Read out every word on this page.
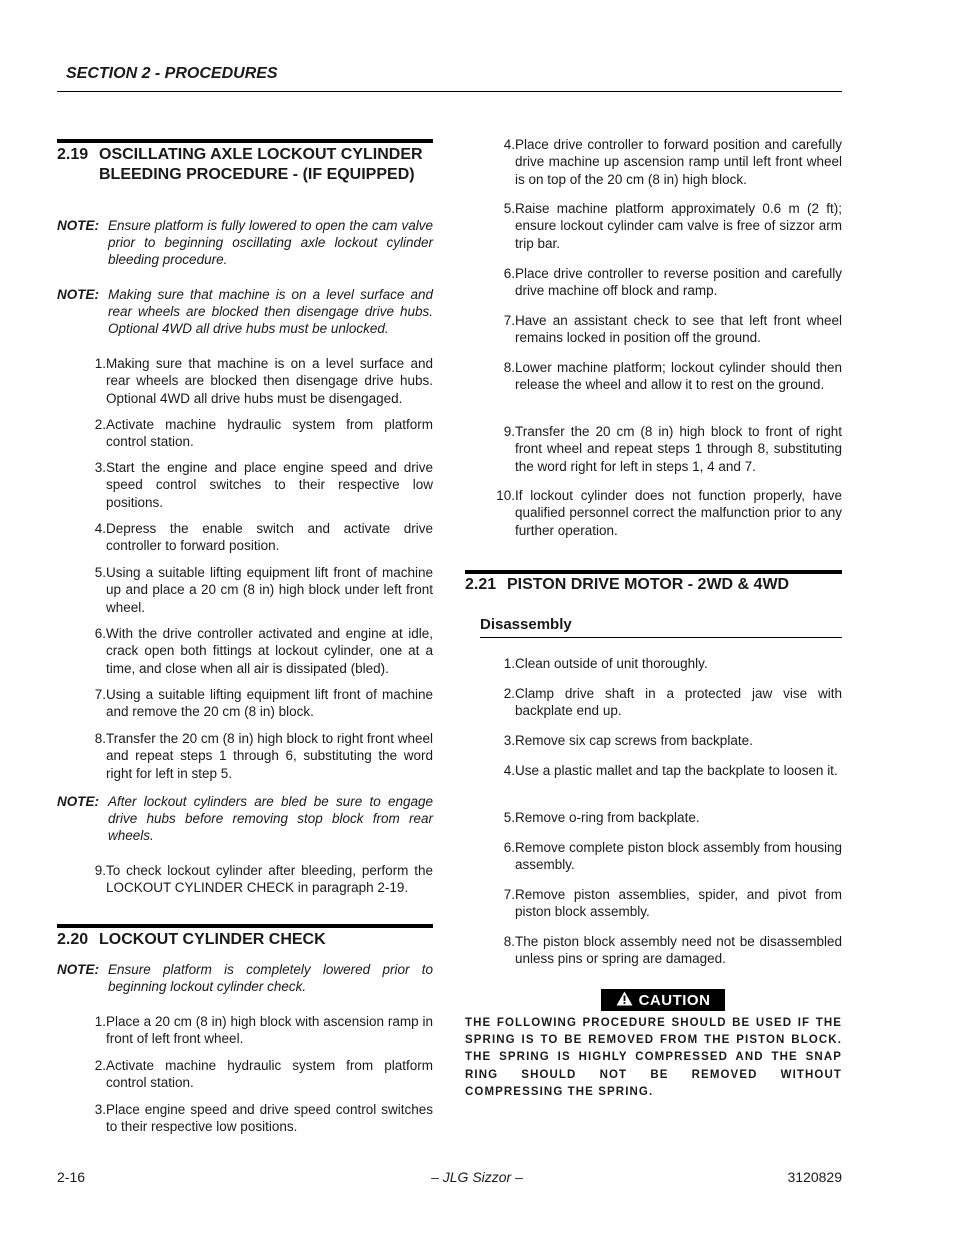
SECTION 2 - PROCEDURES
2.19 OSCILLATING AXLE LOCKOUT CYLINDER BLEEDING PROCEDURE - (IF EQUIPPED)
NOTE: Ensure platform is fully lowered to open the cam valve prior to beginning oscillating axle lockout cylinder bleeding procedure.
NOTE: Making sure that machine is on a level surface and rear wheels are blocked then disengage drive hubs. Optional 4WD all drive hubs must be unlocked.
1. Making sure that machine is on a level surface and rear wheels are blocked then disengage drive hubs. Optional 4WD all drive hubs must be disengaged.
2. Activate machine hydraulic system from platform control station.
3. Start the engine and place engine speed and drive speed control switches to their respective low positions.
4. Depress the enable switch and activate drive controller to forward position.
5. Using a suitable lifting equipment lift front of machine up and place a 20 cm (8 in) high block under left front wheel.
6. With the drive controller activated and engine at idle, crack open both fittings at lockout cylinder, one at a time, and close when all air is dissipated (bled).
7. Using a suitable lifting equipment lift front of machine and remove the 20 cm (8 in) block.
8. Transfer the 20 cm (8 in) high block to right front wheel and repeat steps 1 through 6, substituting the word right for left in step 5.
NOTE: After lockout cylinders are bled be sure to engage drive hubs before removing stop block from rear wheels.
9. To check lockout cylinder after bleeding, perform the LOCKOUT CYLINDER CHECK in paragraph 2-19.
2.20 LOCKOUT CYLINDER CHECK
NOTE: Ensure platform is completely lowered prior to beginning lockout cylinder check.
1. Place a 20 cm (8 in) high block with ascension ramp in front of left front wheel.
2. Activate machine hydraulic system from platform control station.
3. Place engine speed and drive speed control switches to their respective low positions.
4. Place drive controller to forward position and carefully drive machine up ascension ramp until left front wheel is on top of the 20 cm (8 in) high block.
5. Raise machine platform approximately 0.6 m (2 ft); ensure lockout cylinder cam valve is free of sizzor arm trip bar.
6. Place drive controller to reverse position and carefully drive machine off block and ramp.
7. Have an assistant check to see that left front wheel remains locked in position off the ground.
8. Lower machine platform; lockout cylinder should then release the wheel and allow it to rest on the ground.
9. Transfer the 20 cm (8 in) high block to front of right front wheel and repeat steps 1 through 8, substituting the word right for left in steps 1, 4 and 7.
10. If lockout cylinder does not function properly, have qualified personnel correct the malfunction prior to any further operation.
2.21 PISTON DRIVE MOTOR - 2WD & 4WD
Disassembly
1. Clean outside of unit thoroughly.
2. Clamp drive shaft in a protected jaw vise with backplate end up.
3. Remove six cap screws from backplate.
4. Use a plastic mallet and tap the backplate to loosen it.
5. Remove o-ring from backplate.
6. Remove complete piston block assembly from housing assembly.
7. Remove piston assemblies, spider, and pivot from piston block assembly.
8. The piston block assembly need not be disassembled unless pins or spring are damaged.
CAUTION
THE FOLLOWING PROCEDURE SHOULD BE USED IF THE SPRING IS TO BE REMOVED FROM THE PISTON BLOCK. THE SPRING IS HIGHLY COMPRESSED AND THE SNAP RING SHOULD NOT BE REMOVED WITHOUT COMPRESSING THE SPRING.
2-16	– JLG Sizzor –	3120829
